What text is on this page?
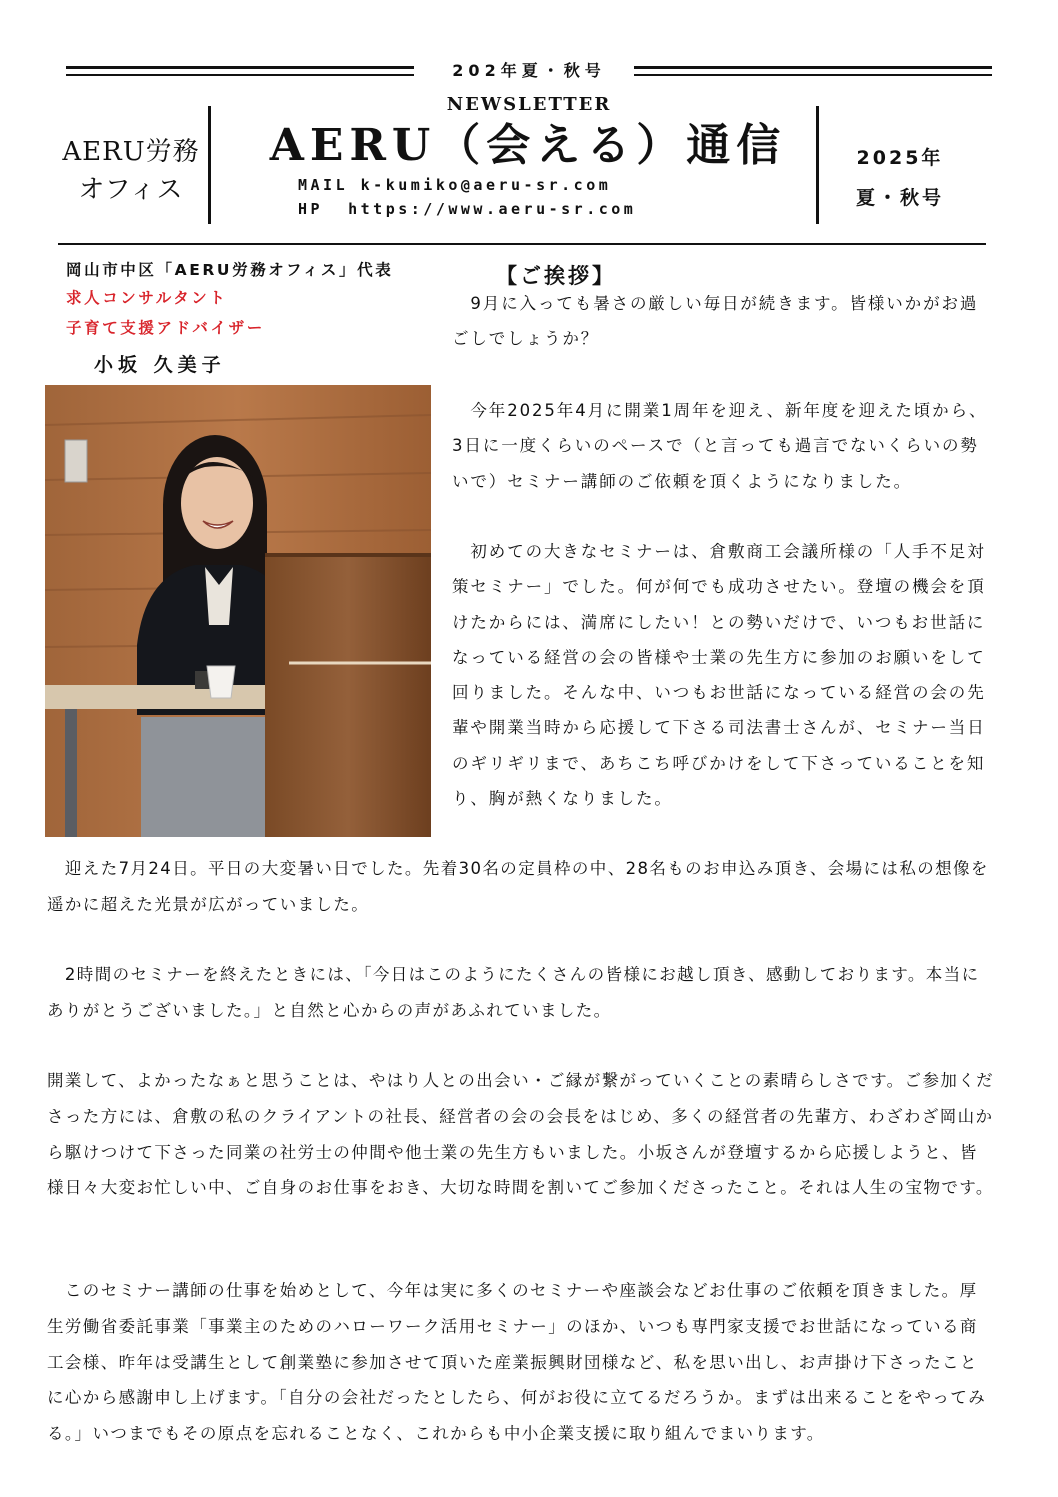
202年夏・秋号
AERU労務
オフィス
NEWSLETTER
AERU（会える）通信
MAIL k-kumiko@aeru-sr.com
HP  https://www.aeru-sr.com
2025年
夏・秋号
岡山市中区「AERU労務オフィス」代表
求人コンサルタント
子育て支援アドバイザー
小坂 久美子
【ご挨拶】

　9月に入っても暑さの厳しい毎日が続きます。皆様いかがお過ごしでしょうか？

　今年2025年4月に開業1周年を迎え、新年度を迎えた頃から、3日に一度くらいのペースで（と言っても過言でないくらいの勢いで）セミナー講師のご依頼を頂くようになりました。

　初めての大きなセミナーは、倉敷商工会議所様の「人手不足対策セミナー」でした。何が何でも成功させたい。登壇の機会を頂けたからには、満席にしたい！との勢いだけで、いつもお世話になっている経営の会の皆様や士業の先生方に参加のお願いをして回りました。そんな中、いつもお世話になっている経営の会の先輩や開業当時から応援して下さる司法書士さんが、セミナー当日のギリギリまで、あちこち呼びかけをして下さっていることを知り、胸が熱くなりました。

　迎えた7月24日。平日の大変暑い日でした。先着30名の定員枠の中、28名ものお申込み頂き、会場には私の想像を遥かに超えた光景が広がっていました。

　2時間のセミナーを終えたときには、「今日はこのようにたくさんの皆様にお越し頂き、感動しております。本当にありがとうございました。」と自然と心からの声があふれていました。

開業して、よかったなぁと思うことは、やはり人との出会い・ご縁が繋がっていくことの素晴らしさです。ご参加くださった方には、倉敷の私のクライアントの社長、経営者の会の会長をはじめ、多くの経営者の先輩方、わざわざ岡山から駆けつけて下さった同業の社労士の仲間や他士業の先生方もいました。小坂さんが登壇するから応援しようと、皆様日々大変お忙しい中、ご自身のお仕事をおき、大切な時間を割いてご参加くださったこと。それは人生の宝物です。

　このセミナー講師の仕事を始めとして、今年は実に多くのセミナーや座談会などお仕事のご依頼を頂きました。厚生労働省委託事業「事業主のためのハローワーク活用セミナー」のほか、いつも専門家支援でお世話になっている商工会様、昨年は受講生として創業塾に参加させて頂いた産業振興財団様など、私を思い出し、お声掛け下さったことに心から感謝申し上げます。「自分の会社だったとしたら、何がお役に立てるだろうか。まずは出来ることをやってみる。」いつまでもその原点を忘れることなく、これからも中小企業支援に取り組んでまいります。
